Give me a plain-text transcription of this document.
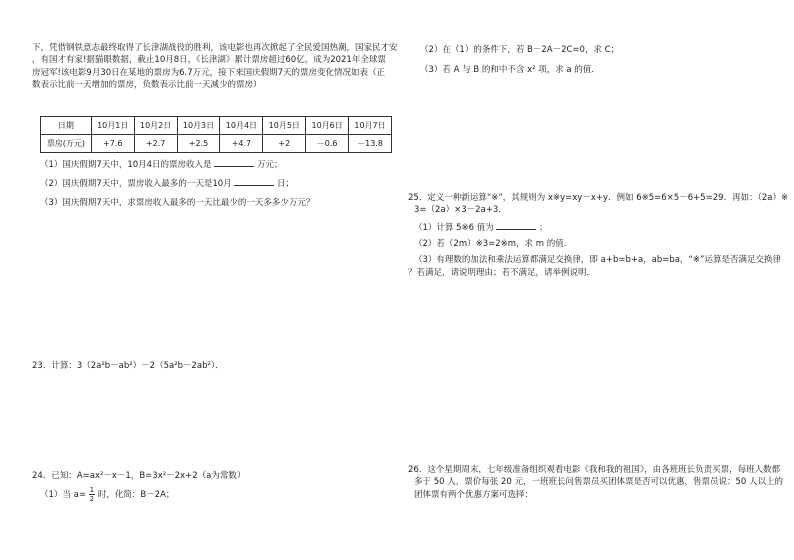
下，凭借钢铁意志最终取得了长津湖战役的胜利，该电影也再次掀起了全民爱国热潮，国家民才安

，有国才有家!据猫眼数据，截止10月8日，《长津湖》累计票房超过60亿，成为2021年全球票

房冠军!该电影9月30日在某地的票房为6.7万元，接下来国庆假期7天的票房变化情况如表（正

数表示比前一天增加的票房，负数表示比前一天减少的票房）

日期	10月1日	10月2日	10月3日	10月4日	10月5日	10月6日	10月7日
票房(万元)	+7.6	+2.7	+2.5	+4.7	+2	－0.6	－13.8

（1）国庆假期7天中，10月4日的票房收入是	万元；

（2）国庆假期7天中，票房收入最多的一天是10月	日；

（3）国庆假期7天中，求票房收入最多的一天比最少的一天多多少万元？

23．计算：3（2a²b－ab²）－2（5a²b－2ab²）．

24．已知：A=ax²－x－1，B=3x²－2x+2（a为常数）

（1）当 $a= \frac{1}{2}$ 时，化简：B－2A；

（2）在（1）的条件下，若 B－2A－2C=0，求 C；

（3）若 A 与 B 的和中不含 x² 项，求 a 的值．

25．定义一种新运算“※”，其规则为 x※y=xy－x+y．例如 6※5=6×5－6+5=29．再如：（2a）※

3=（2a）×3－2a+3．

（1）计算 5※6 值为	；

（2）若（2m）※3=2※m，求 m 的值．

（3）有理数的加法和乘法运算都满足交换律，即 a+b=b+a，ab=ba，“※”运算是否满足交换律

？若满足，请说明理由；若不满足，请举例说明．

26．这个星期周末，七年级准备组织观看电影《我和我的祖国》，由各班班长负责买票，每班人数都

多于 50 人，票价每张 20 元，一班班长问售票员买团体票是否可以优惠，售票员说：50 人以上的

团体票有两个优惠方案可选择：
